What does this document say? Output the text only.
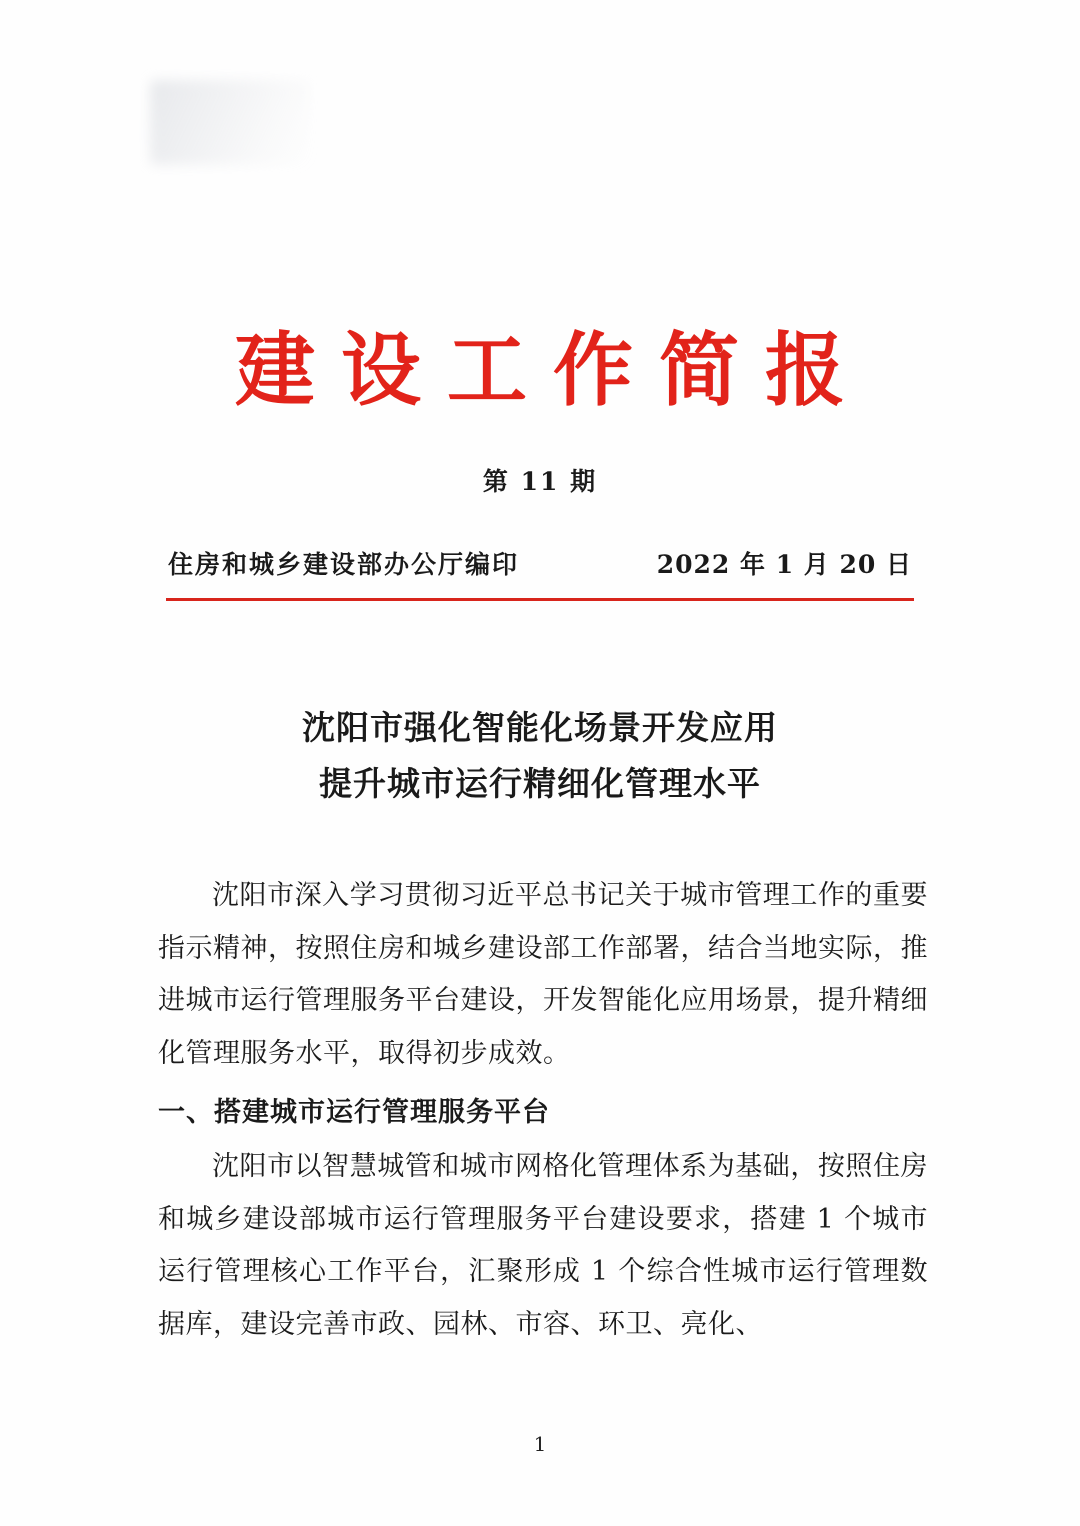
建设工作简报
第 11 期
住房和城乡建设部办公厅编印	2022 年 1 月 20 日
沈阳市强化智能化场景开发应用
提升城市运行精细化管理水平

沈阳市深入学习贯彻习近平总书记关于城市管理工作的重要指示精神，按照住房和城乡建设部工作部署，结合当地实际，推进城市运行管理服务平台建设，开发智能化应用场景，提升精细化管理服务水平，取得初步成效。

一、搭建城市运行管理服务平台

沈阳市以智慧城管和城市网格化管理体系为基础，按照住房和城乡建设部城市运行管理服务平台建设要求，搭建 1 个城市运行管理核心工作平台，汇聚形成 1 个综合性城市运行管理数据库，建设完善市政、园林、市容、环卫、亮化、

1
